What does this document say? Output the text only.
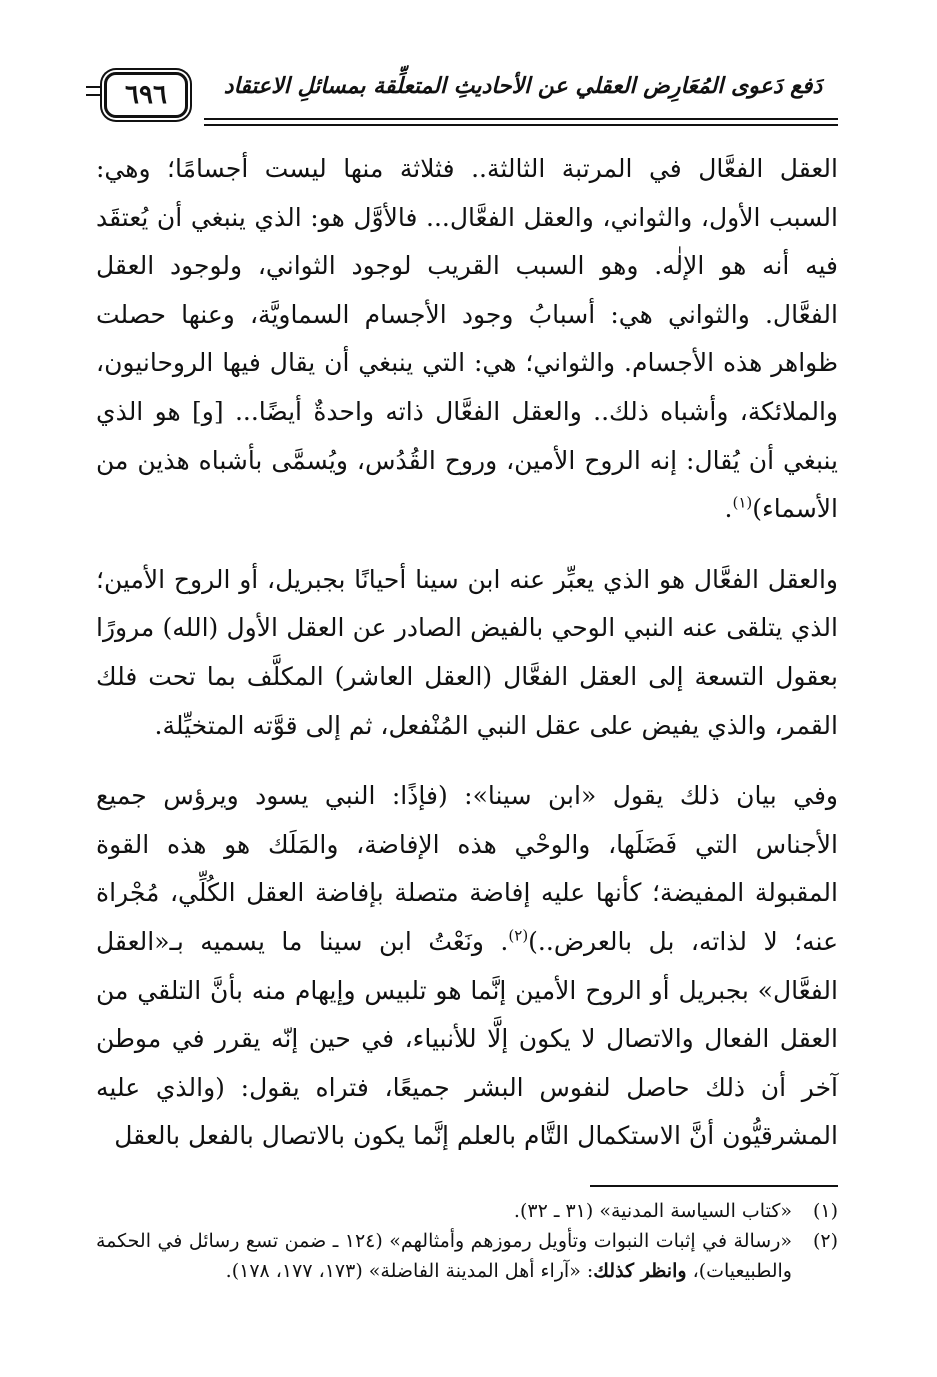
٦٩٦	دَفع دَعوى المُعَارِض العقلي عن الأحاديثِ المتعلِّقة بمسائلِ الاعتقاد

العقل الفعَّال في المرتبة الثالثة.. فثلاثة منها ليست أجسامًا؛ وهي: السبب الأول، والثواني، والعقل الفعَّال... فالأوَّل هو: الذي ينبغي أن يُعتقَد فيه أنه هو الإلٰه. وهو السبب القريب لوجود الثواني، ولوجود العقل الفعَّال. والثواني هي: أسبابُ وجود الأجسام السماويَّة، وعنها حصلت ظواهر هذه الأجسام. والثواني؛ هي: التي ينبغي أن يقال فيها الروحانيون، والملائكة، وأشباه ذلك.. والعقل الفعَّال ذاته واحدةٌ أيضًا... [و] هو الذي ينبغي أن يُقال: إنه الروح الأمين، وروح القُدُس، ويُسمَّى بأشباه هذين من الأسماء)$^{(١)}$.

والعقل الفعَّال هو الذي يعبِّر عنه ابن سينا أحيانًا بجبريل، أو الروح الأمين؛ الذي يتلقى عنه النبي الوحي بالفيض الصادر عن العقل الأول (الله) مرورًا بعقول التسعة إلى العقل الفعَّال (العقل العاشر) المكلَّف بما تحت فلك القمر، والذي يفيض على عقل النبي المُنْفعل، ثم إلى قوَّته المتخيِّلة.

وفي بيان ذلك يقول «ابن سينا»: (فإذًا: النبي يسود ويرؤس جميع الأجناس التي فَضَلَها، والوحْي هذه الإفاضة، والمَلَك هو هذه القوة المقبولة المفيضة؛ كأنها عليه إفاضة متصلة بإفاضة العقل الكُلِّي، مُجْراة عنه؛ لا لذاته، بل بالعرض..)$^{(٢)}$. ونَعْتُ ابن سينا ما يسميه بـ«العقل الفعَّال» بجبريل أو الروح الأمين إنَّما هو تلبيس وإيهام منه بأنَّ التلقي من العقل الفعال والاتصال لا يكون إلَّا للأنبياء، في حين إنّه يقرر في موطن آخر أن ذلك حاصل لنفوس البشر جميعًا، فتراه يقول: (والذي عليه المشرقيُّون أنَّ الاستكمال التَّام بالعلم إنَّما يكون بالاتصال بالفعل بالعقل

(١)
«كتاب السياسة المدنية» (٣١ ـ ٣٢).
(٢)
«رسالة في إثبات النبوات وتأويل رموزهم وأمثالهم» (١٢٤ ـ ضمن تسع رسائل في الحكمة والطبيعيات)، وانظر كذلك: «آراء أهل المدينة الفاضلة» (١٧٣، ١٧٧، ١٧٨).
